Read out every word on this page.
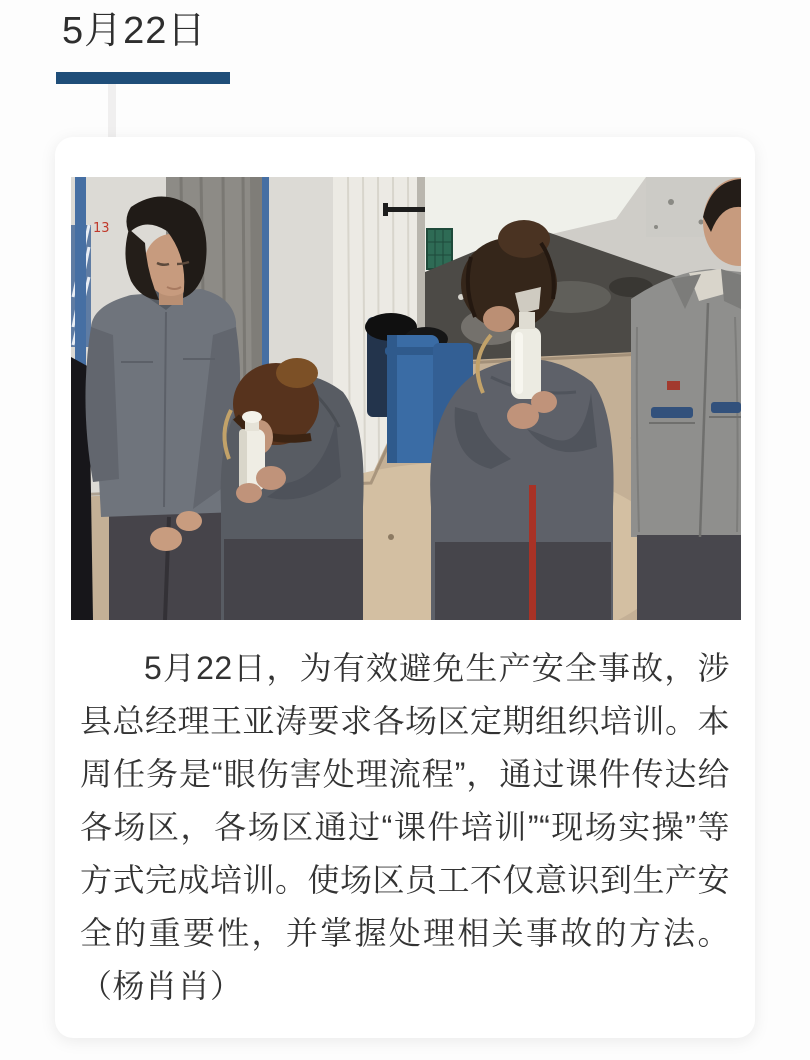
5月22日
13

5月22日，为有效避免生产安全事故，涉县总经理王亚涛要求各场区定期组织培训。本周任务是“眼伤害处理流程”，通过课件传达给各场区，各场区通过“课件培训”“现场实操”等方式完成培训。使场区员工不仅意识到生产安全的重要性，并掌握处理相关事故的方法。（杨肖肖）
